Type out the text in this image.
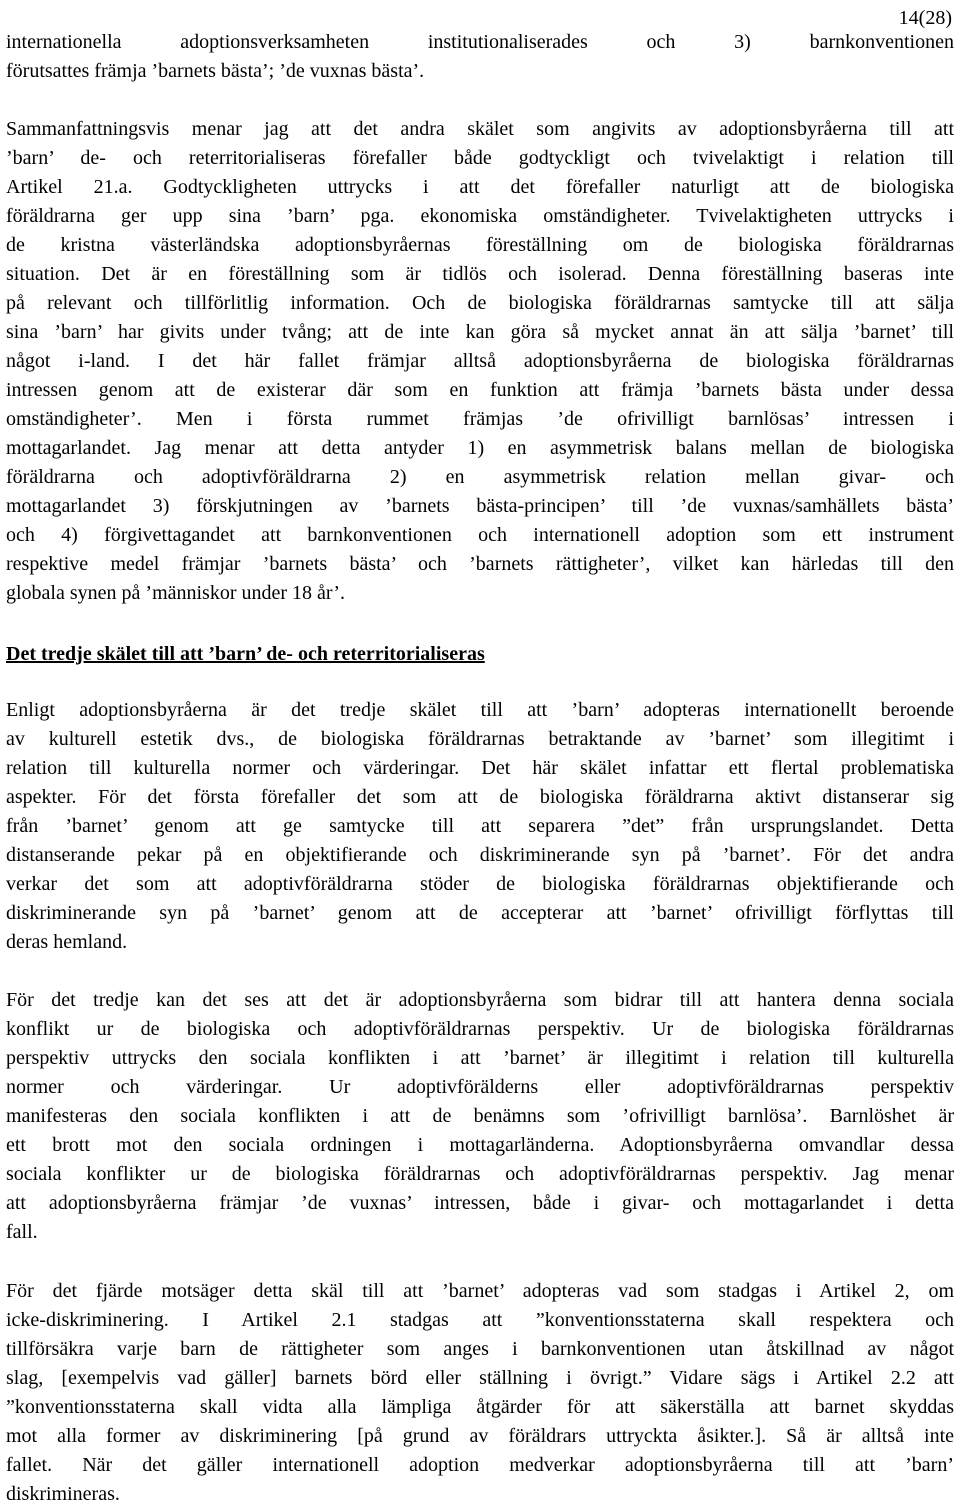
14(28)
internationella adoptionsverksamheten institutionaliserades och 3) barnkonventionen
förutsattes främja ’barnets bästa’; ’de vuxnas bästa’.
Sammanfattningsvis menar jag att det andra skälet som angivits av adoptionsbyråerna till att
’barn’ de- och reterritorialiseras förefaller både godtyckligt och tvivelaktigt i relation till
Artikel 21.a. Godtyckligheten uttrycks i att det förefaller naturligt att de biologiska
föräldrarna ger upp sina ’barn’ pga. ekonomiska omständigheter. Tvivelaktigheten uttrycks i
de kristna västerländska adoptionsbyråernas föreställning om de biologiska föräldrarnas
situation. Det är en föreställning som är tidlös och isolerad. Denna föreställning baseras inte
på relevant och tillförlitlig information. Och de biologiska föräldrarnas samtycke till att sälja
sina ’barn’ har givits under tvång; att de inte kan göra så mycket annat än att sälja ’barnet’ till
något i-land. I det här fallet främjar alltså adoptionsbyråerna de biologiska föräldrarnas
intressen genom att de existerar där som en funktion att främja ’barnets bästa under dessa
omständigheter’. Men i första rummet främjas ’de ofrivilligt barnlösas’ intressen i
mottagarlandet. Jag menar att detta antyder 1) en asymmetrisk balans mellan de biologiska
föräldrarna och adoptivföräldrarna 2) en asymmetrisk relation mellan givar- och
mottagarlandet 3) förskjutningen av ’barnets bästa-principen’ till ’de vuxnas/samhällets bästa’
och 4) förgivettagandet att barnkonventionen och internationell adoption som ett instrument
respektive medel främjar ’barnets bästa’ och ’barnets rättigheter’, vilket kan härledas till den
globala synen på ’människor under 18 år’.
Enligt adoptionsbyråerna är det tredje skälet till att ’barn’ adopteras internationellt beroende
av kulturell estetik dvs., de biologiska föräldrarnas betraktande av ’barnet’ som illegitimt i
relation till kulturella normer och värderingar. Det här skälet infattar ett flertal problematiska
aspekter. För det första förefaller det som att de biologiska föräldrarna aktivt distanserar sig
från ’barnet’ genom att ge samtycke till att separera ”det” från ursprungslandet. Detta
distanserande pekar på en objektifierande och diskriminerande syn på ’barnet’. För det andra
verkar det som att adoptivföräldrarna stöder de biologiska föräldrarnas objektifierande och
diskriminerande syn på ’barnet’ genom att de accepterar att ’barnet’ ofrivilligt förflyttas till
deras hemland.
För det tredje kan det ses att det är adoptionsbyråerna som bidrar till att hantera denna sociala
konflikt ur de biologiska och adoptivföräldrarnas perspektiv. Ur de biologiska föräldrarnas
perspektiv uttrycks den sociala konflikten i att ’barnet’ är illegitimt i relation till kulturella
normer och värderingar. Ur adoptivförälderns eller adoptivföräldrarnas perspektiv
manifesteras den sociala konflikten i att de benämns som ’ofrivilligt barnlösa’. Barnlöshet är
ett brott mot den sociala ordningen i mottagarländerna. Adoptionsbyråerna omvandlar dessa
sociala konflikter ur de biologiska föräldrarnas och adoptivföräldrarnas perspektiv. Jag menar
att adoptionsbyråerna främjar ’de vuxnas’ intressen, både i givar- och mottagarlandet i detta
fall.
För det fjärde motsäger detta skäl till att ’barnet’ adopteras vad som stadgas i Artikel 2, om
icke-diskriminering. I Artikel 2.1 stadgas att ”konventionsstaterna skall respektera och
tillförsäkra varje barn de rättigheter som anges i barnkonventionen utan åtskillnad av något
slag, [exempelvis vad gäller] barnets börd eller ställning i övrigt.” Vidare sägs i Artikel 2.2 att
”konventionsstaterna skall vidta alla lämpliga åtgärder för att säkerställa att barnet skyddas
mot alla former av diskriminering [på grund av föräldrars uttryckta åsikter.]. Så är alltså inte
fallet. När det gäller internationell adoption medverkar adoptionsbyråerna till att ’barn’
diskrimineras.
Det tredje skälet till att ’barn’ de- och reterritorialiseras
